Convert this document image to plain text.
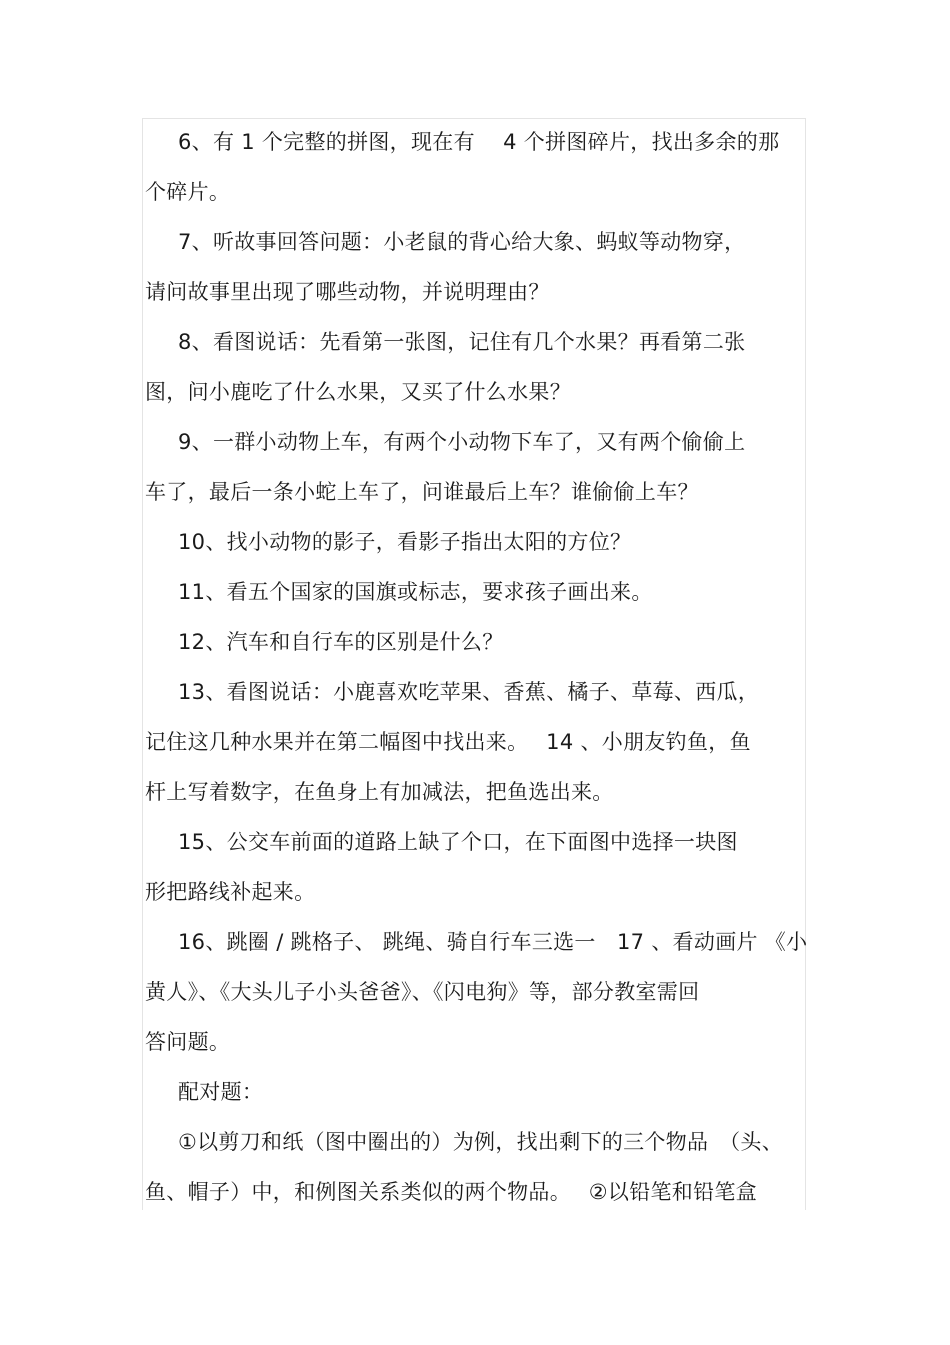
6、有 1 个完整的拼图，现在有　 4 个拼图碎片，找出多余的那
个碎片。
7、听故事回答问题：小老鼠的背心给大象、蚂蚁等动物穿，
请问故事里出现了哪些动物，并说明理由？
8、看图说话：先看第一张图，记住有几个水果？再看第二张
图，问小鹿吃了什么水果，又买了什么水果？
9、一群小动物上车，有两个小动物下车了，又有两个偷偷上
车了，最后一条小蛇上车了，问谁最后上车？谁偷偷上车？
10、找小动物的影子，看影子指出太阳的方位？
11、看五个国家的国旗或标志，要求孩子画出来。
12、汽车和自行车的区别是什么？
13、看图说话：小鹿喜欢吃苹果、香蕉、橘子、草莓、西瓜，
记住这几种水果并在第二幅图中找出来。　 14 、小朋友钓鱼，鱼
杆上写着数字，在鱼身上有加减法，把鱼选出来。
15、公交车前面的道路上缺了个口，在下面图中选择一块图
形把路线补起来。
16、跳圈 / 跳格子、 跳绳、骑自行车三选一　17 、看动画片 《小
黄人》、《大头儿子小头爸爸》、《闪电狗》等，部分教室需回
答问题。
配对题：
①以剪刀和纸（图中圈出的）为例，找出剩下的三个物品　（头、
鱼、帽子）中，和例图关系类似的两个物品。　 ②以铅笔和铅笔盒
